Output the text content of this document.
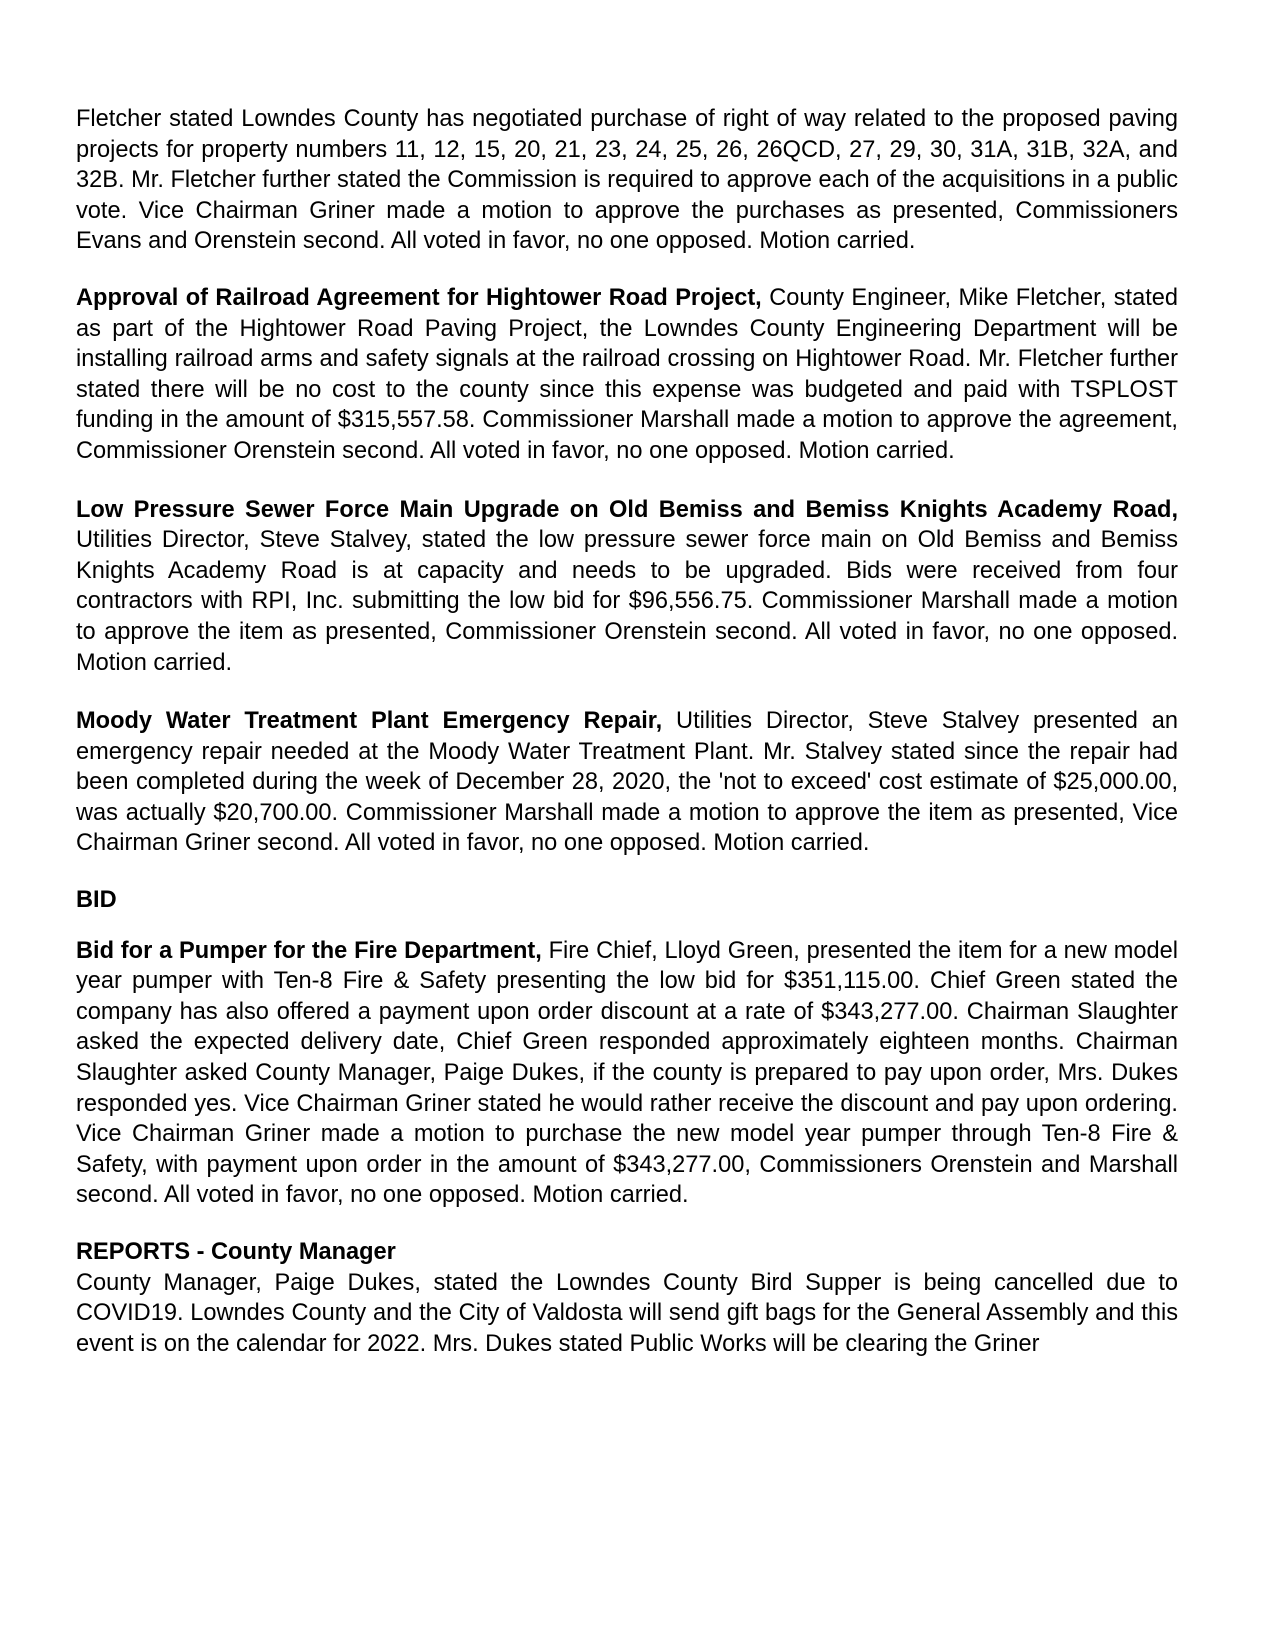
Fletcher stated Lowndes County has negotiated purchase of right of way related to the proposed paving projects for property numbers 11, 12, 15, 20, 21, 23, 24, 25, 26, 26QCD, 27, 29, 30, 31A, 31B, 32A, and 32B. Mr. Fletcher further stated the Commission is required to approve each of the acquisitions in a public vote. Vice Chairman Griner made a motion to approve the purchases as presented, Commissioners Evans and Orenstein second. All voted in favor, no one opposed. Motion carried.

Approval of Railroad Agreement for Hightower Road Project, County Engineer, Mike Fletcher, stated as part of the Hightower Road Paving Project, the Lowndes County Engineering Department will be installing railroad arms and safety signals at the railroad crossing on Hightower Road. Mr. Fletcher further stated there will be no cost to the county since this expense was budgeted and paid with TSPLOST funding in the amount of $315,557.58. Commissioner Marshall made a motion to approve the agreement, Commissioner Orenstein second. All voted in favor, no one opposed. Motion carried.

Low Pressure Sewer Force Main Upgrade on Old Bemiss and Bemiss Knights Academy Road, Utilities Director, Steve Stalvey, stated the low pressure sewer force main on Old Bemiss and Bemiss Knights Academy Road is at capacity and needs to be upgraded. Bids were received from four contractors with RPI, Inc. submitting the low bid for $96,556.75. Commissioner Marshall made a motion to approve the item as presented, Commissioner Orenstein second. All voted in favor, no one opposed. Motion carried.

Moody Water Treatment Plant Emergency Repair, Utilities Director, Steve Stalvey presented an emergency repair needed at the Moody Water Treatment Plant. Mr. Stalvey stated since the repair had been completed during the week of December 28, 2020, the 'not to exceed' cost estimate of $25,000.00, was actually $20,700.00. Commissioner Marshall made a motion to approve the item as presented, Vice Chairman Griner second. All voted in favor, no one opposed. Motion carried.

BID

Bid for a Pumper for the Fire Department, Fire Chief, Lloyd Green, presented the item for a new model year pumper with Ten-8 Fire & Safety presenting the low bid for $351,115.00. Chief Green stated the company has also offered a payment upon order discount at a rate of $343,277.00. Chairman Slaughter asked the expected delivery date, Chief Green responded approximately eighteen months. Chairman Slaughter asked County Manager, Paige Dukes, if the county is prepared to pay upon order, Mrs. Dukes responded yes. Vice Chairman Griner stated he would rather receive the discount and pay upon ordering. Vice Chairman Griner made a motion to purchase the new model year pumper through Ten-8 Fire & Safety, with payment upon order in the amount of $343,277.00, Commissioners Orenstein and Marshall second. All voted in favor, no one opposed. Motion carried.

REPORTS - County Manager

County Manager, Paige Dukes, stated the Lowndes County Bird Supper is being cancelled due to COVID19. Lowndes County and the City of Valdosta will send gift bags for the General Assembly and this event is on the calendar for 2022. Mrs. Dukes stated Public Works will be clearing the Griner
